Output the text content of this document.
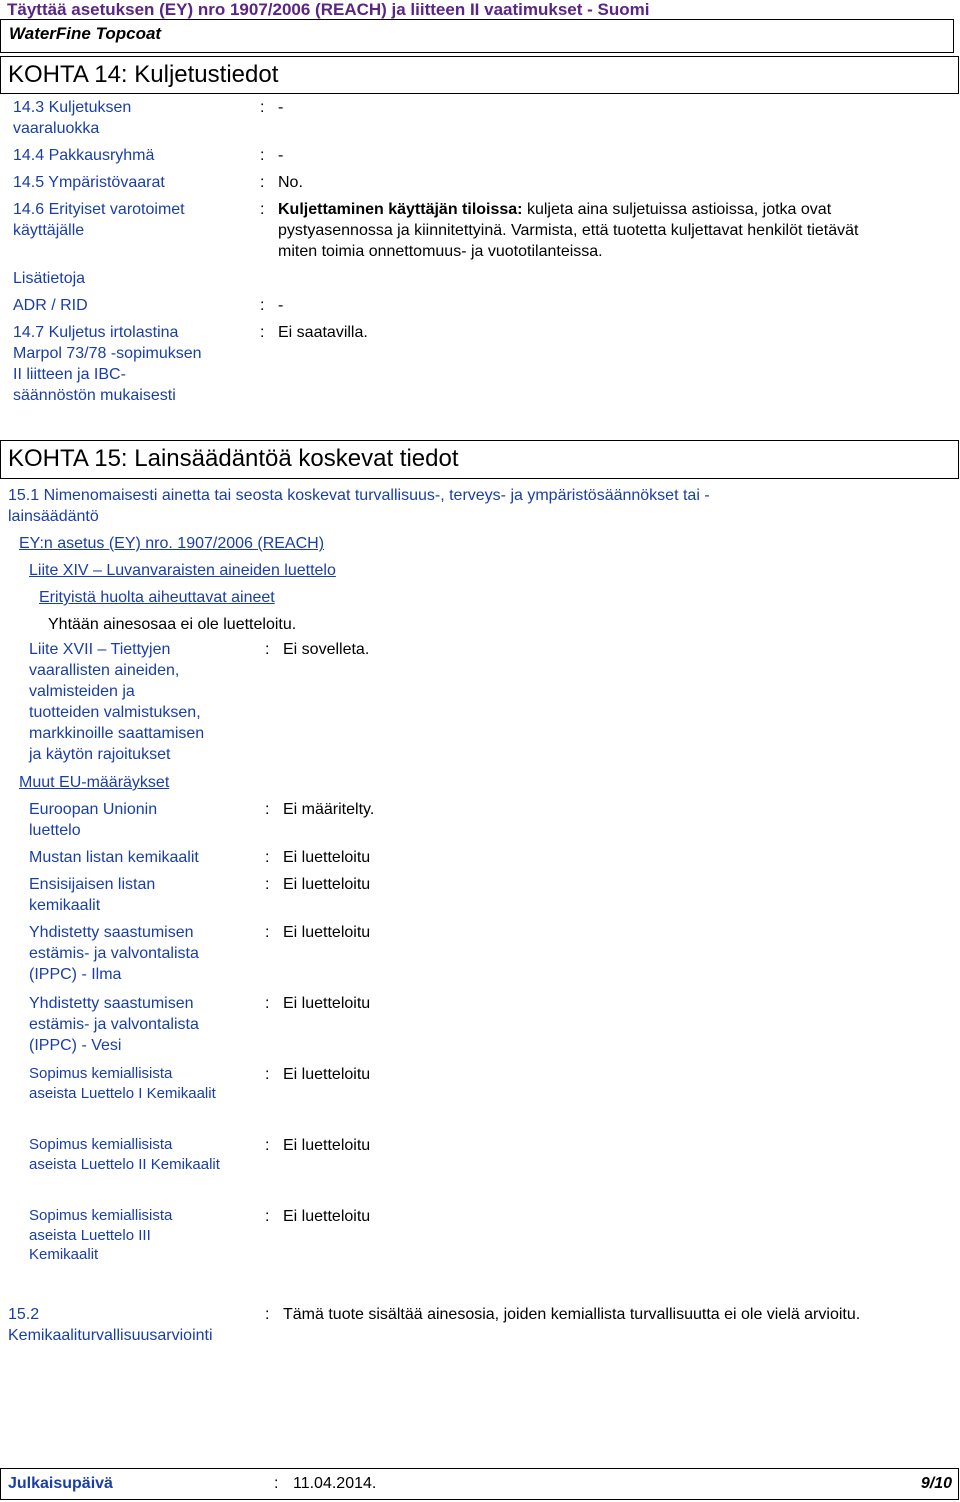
Täyttää asetuksen (EY) nro 1907/2006 (REACH) ja liitteen II vaatimukset - Suomi
WaterFine Topcoat
KOHTA 14: Kuljetustiedot
14.3 Kuljetuksen
vaaraluokka
: -
14.4 Pakkausryhmä	: -
14.5 Ympäristövaarat	: No.
14.6 Erityiset varotoimet
käyttäjälle
: Kuljettaminen käyttäjän tiloissa: kuljeta aina suljetuissa astioissa, jotka ovat
pystyasennossa ja kiinnitettyinä. Varmista, että tuotetta kuljettavat henkilöt tietävät
miten toimia onnettomuus- ja vuototilanteissa.
Lisätietoja
ADR / RID	: -
14.7 Kuljetus irtolastina
Marpol 73/78 -sopimuksen
II liitteen ja IBC-
säännöstön mukaisesti
: Ei saatavilla.
KOHTA 15: Lainsäädäntöä koskevat tiedot
15.1 Nimenomaisesti ainetta tai seosta koskevat turvallisuus-, terveys- ja ympäristösäännökset tai -
lainsäädäntö
EY:n asetus (EY) nro. 1907/2006 (REACH)
Liite XIV – Luvanvaraisten aineiden luettelo
Erityistä huolta aiheuttavat aineet
Yhtään ainesosaa ei ole luetteloitu.
Liite XVII – Tiettyjen
vaarallisten aineiden,
valmisteiden ja
tuotteiden valmistuksen,
markkinoille saattamisen
ja käytön rajoitukset
: Ei sovelleta.
Muut EU-määräykset
Euroopan Unionin
luettelo
: Ei määritelty.
Mustan listan kemikaalit	: Ei luetteloitu
Ensisijaisen listan
kemikaalit
: Ei luetteloitu
Yhdistetty saastumisen
estämis- ja valvontalista
(IPPC) - Ilma
: Ei luetteloitu
Yhdistetty saastumisen
estämis- ja valvontalista
(IPPC) - Vesi
: Ei luetteloitu
Sopimus kemiallisista
aseista Luettelo I Kemikaalit
: Ei luetteloitu
Sopimus kemiallisista
aseista Luettelo II Kemikaalit
: Ei luetteloitu
Sopimus kemiallisista
aseista Luettelo III
Kemikaalit
: Ei luetteloitu
15.2
Kemikaaliturvallisuusarviointi
: Tämä tuote sisältää ainesosia, joiden kemiallista turvallisuutta ei ole vielä arvioitu.
Julkaisupäivä	: 11.04.2014.	9/10
